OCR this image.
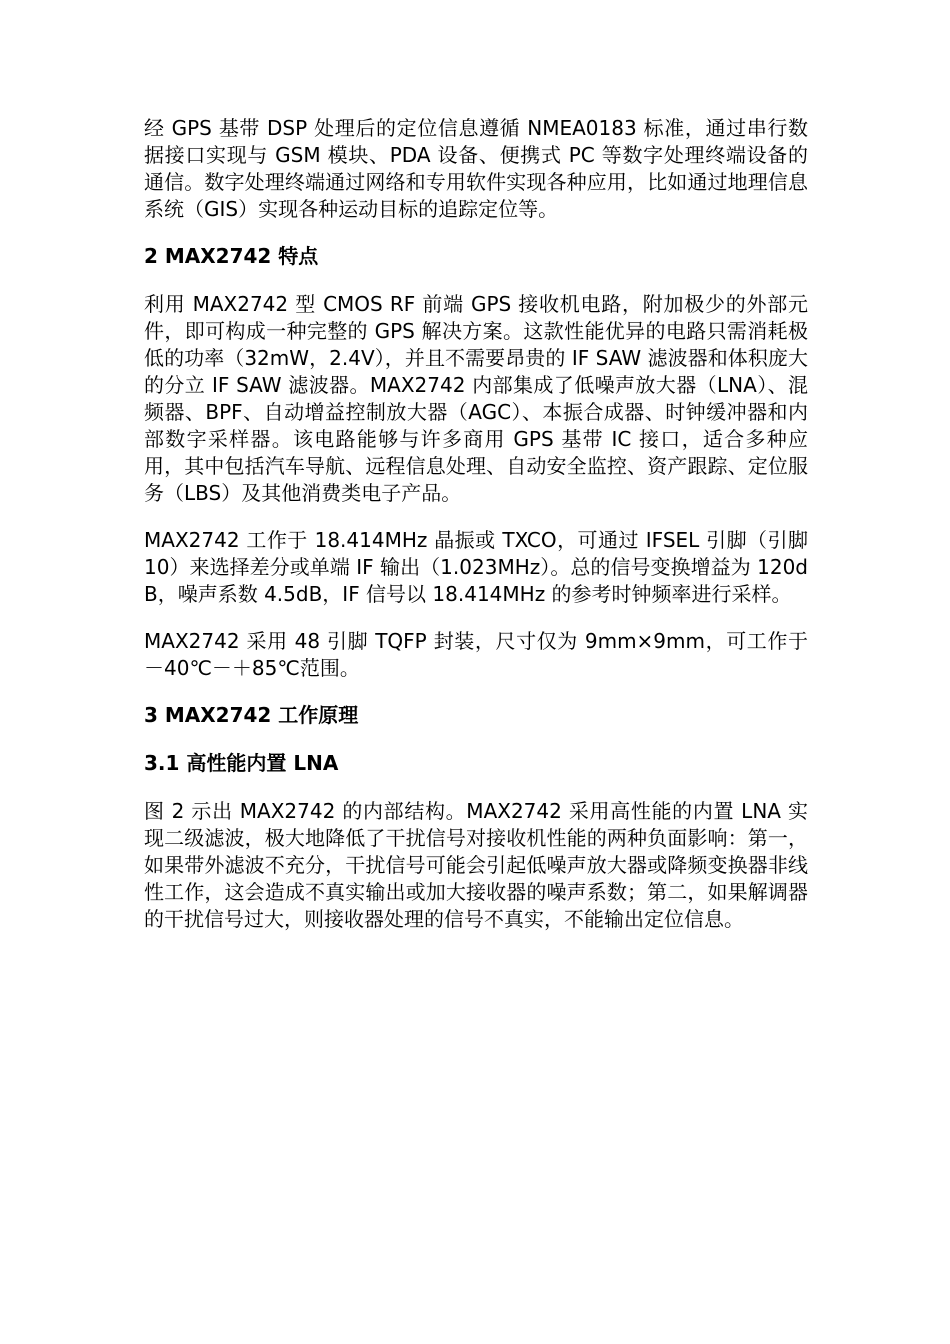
经 GPS 基带 DSP 处理后的定位信息遵循 NMEA0183 标准，通过串行数据接口实现与 GSM 模块、PDA 设备、便携式 PC 等数字处理终端设备的通信。数字处理终端通过网络和专用软件实现各种应用，比如通过地理信息系统（GIS）实现各种运动目标的追踪定位等。

2 MAX2742 特点

利用 MAX2742 型 CMOS RF 前端 GPS 接收机电路，附加极少的外部元件，即可构成一种完整的 GPS 解决方案。这款性能优异的电路只需消耗极低的功率（32mW，2.4V），并且不需要昂贵的 IF SAW 滤波器和体积庞大的分立 IF SAW 滤波器。MAX2742 内部集成了低噪声放大器（LNA）、混频器、BPF、自动增益控制放大器（AGC）、本振合成器、时钟缓冲器和内部数字采样器。该电路能够与许多商用 GPS 基带 IC 接口，适合多种应用，其中包括汽车导航、远程信息处理、自动安全监控、资产跟踪、定位服务（LBS）及其他消费类电子产品。

MAX2742 工作于 18.414MHz 晶振或 TXCO，可通过 IFSEL 引脚（引脚 10）来选择差分或单端 IF 输出（1.023MHz）。总的信号变换增益为 120dB，噪声系数 4.5dB，IF 信号以 18.414MHz 的参考时钟频率进行采样。

MAX2742 采用 48 引脚 TQFP 封装，尺寸仅为 9mm×9mm，可工作于－40℃－＋85℃范围。

3 MAX2742 工作原理
3.1 高性能内置 LNA

图 2 示出 MAX2742 的内部结构。MAX2742 采用高性能的内置 LNA 实现二级滤波，极大地降低了干扰信号对接收机性能的两种负面影响：第一，如果带外滤波不充分，干扰信号可能会引起低噪声放大器或降频变换器非线性工作，这会造成不真实输出或加大接收器的噪声系数；第二，如果解调器的干扰信号过大，则接收器处理的信号不真实，不能输出定位信息。
